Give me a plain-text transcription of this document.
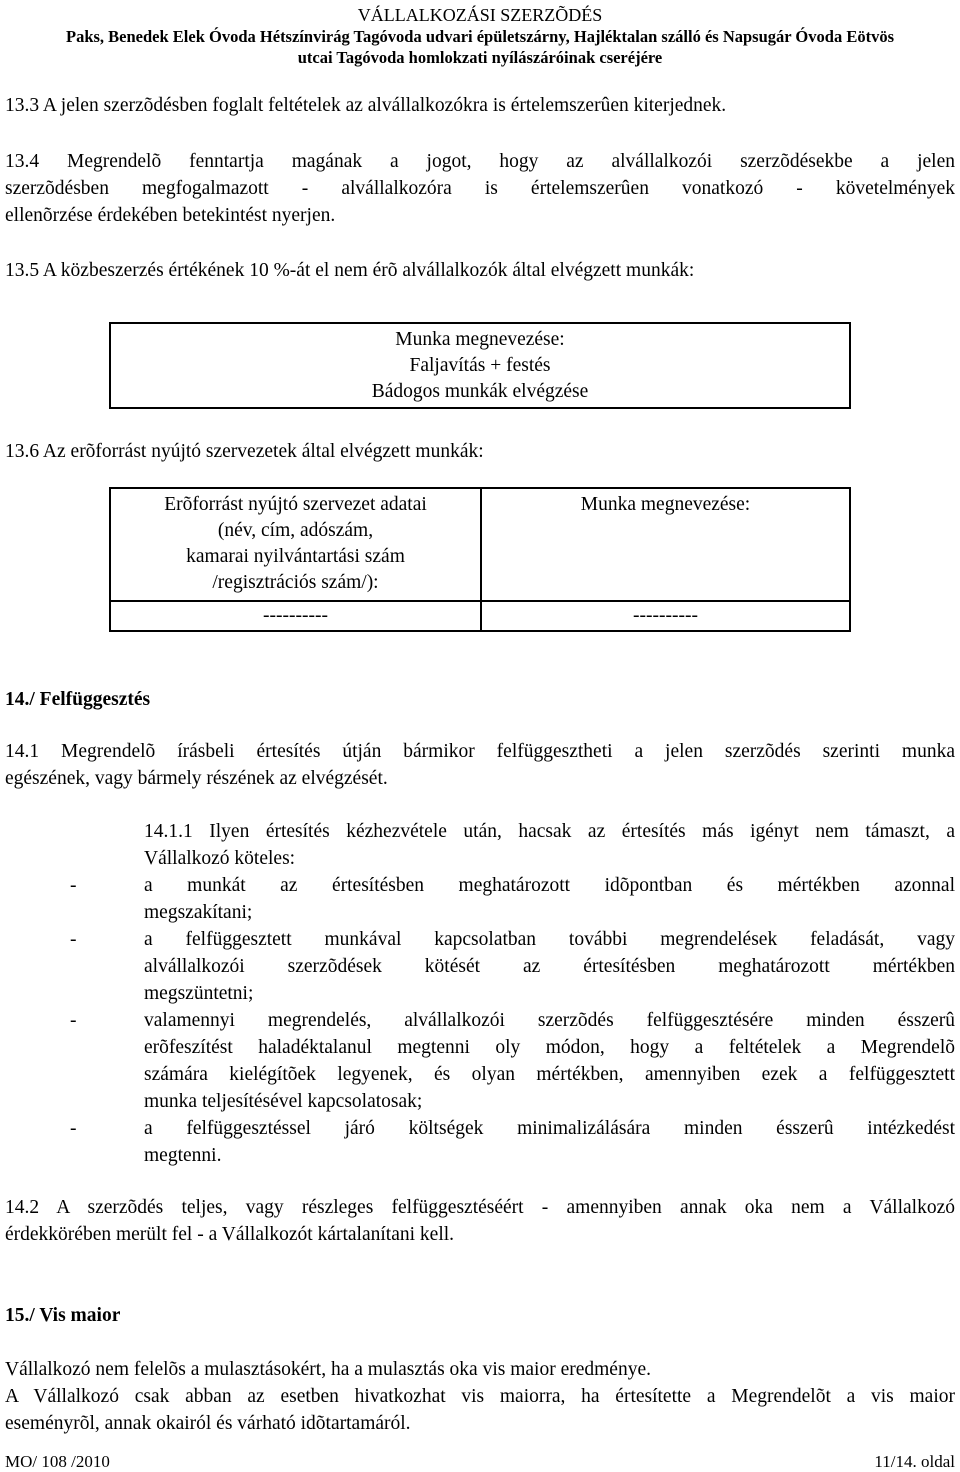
VÁLLALKOZÁSI SZERZÕDÉS
Paks, Benedek Elek Óvoda Hétszínvirág Tagóvoda udvari épületszárny, Hajléktalan szálló és Napsugár Óvoda Eötvös
utcai Tagóvoda homlokzati nyílászáróinak cseréjére
13.3 A jelen szerzõdésben foglalt feltételek az alvállalkozókra is értelemszerûen kiterjednek.
13.4 Megrendelõ fenntartja magának a jogot, hogy az alvállalkozói szerzõdésekbe a jelen
szerzõdésben megfogalmazott - alvállalkozóra is értelemszerûen vonatkozó - követelmények
ellenõrzése érdekében betekintést nyerjen.
13.5 A közbeszerzés értékének 10 %-át el nem érõ alvállalkozók által elvégzett munkák:
Munka megnevezése:
Faljavítás + festés
Bádogos munkák elvégzése
13.6 Az erõforrást nyújtó szervezetek által elvégzett munkák:
Erõforrást nyújtó szervezet adatai
(név, cím, adószám,
kamarai nyilvántartási szám
/regisztrációs szám/):	Munka megnevezése:

----------	----------
14./ Felfüggesztés
14.1 Megrendelõ írásbeli értesítés útján bármikor felfüggesztheti a jelen szerzõdés szerinti munka
egészének, vagy bármely részének az elvégzését.
14.1.1 Ilyen értesítés kézhezvétele után, hacsak az értesítés más igényt nem támaszt, a
Vállalkozó köteles:
-	a munkát az értesítésben meghatározott idõpontban és mértékben azonnal
megszakítani;
-	a felfüggesztett munkával kapcsolatban további megrendelések feladását, vagy
alvállalkozói szerzõdések kötését az értesítésben meghatározott mértékben
megszüntetni;
-	valamennyi megrendelés, alvállalkozói szerzõdés felfüggesztésére minden ésszerû
erõfeszítést haladéktalanul megtenni oly módon, hogy a feltételek a Megrendelõ
számára kielégítõek legyenek, és olyan mértékben, amennyiben ezek a felfüggesztett
munka teljesítésével kapcsolatosak;
-	a felfüggesztéssel járó költségek minimalizálására minden ésszerû intézkedést
megtenni.
14.2 A szerzõdés teljes, vagy részleges felfüggesztéséért - amennyiben annak oka nem a Vállalkozó
érdekkörében merült fel - a Vállalkozót kártalanítani kell.
15./ Vis maior
Vállalkozó nem felelõs a mulasztásokért, ha a mulasztás oka vis maior eredménye.
A Vállalkozó csak abban az esetben hivatkozhat vis maiorra, ha értesítette a Megrendelõt a vis maior
eseményrõl, annak okairól és várható idõtartamáról.
MO/ 108 /2010	11/14. oldal
